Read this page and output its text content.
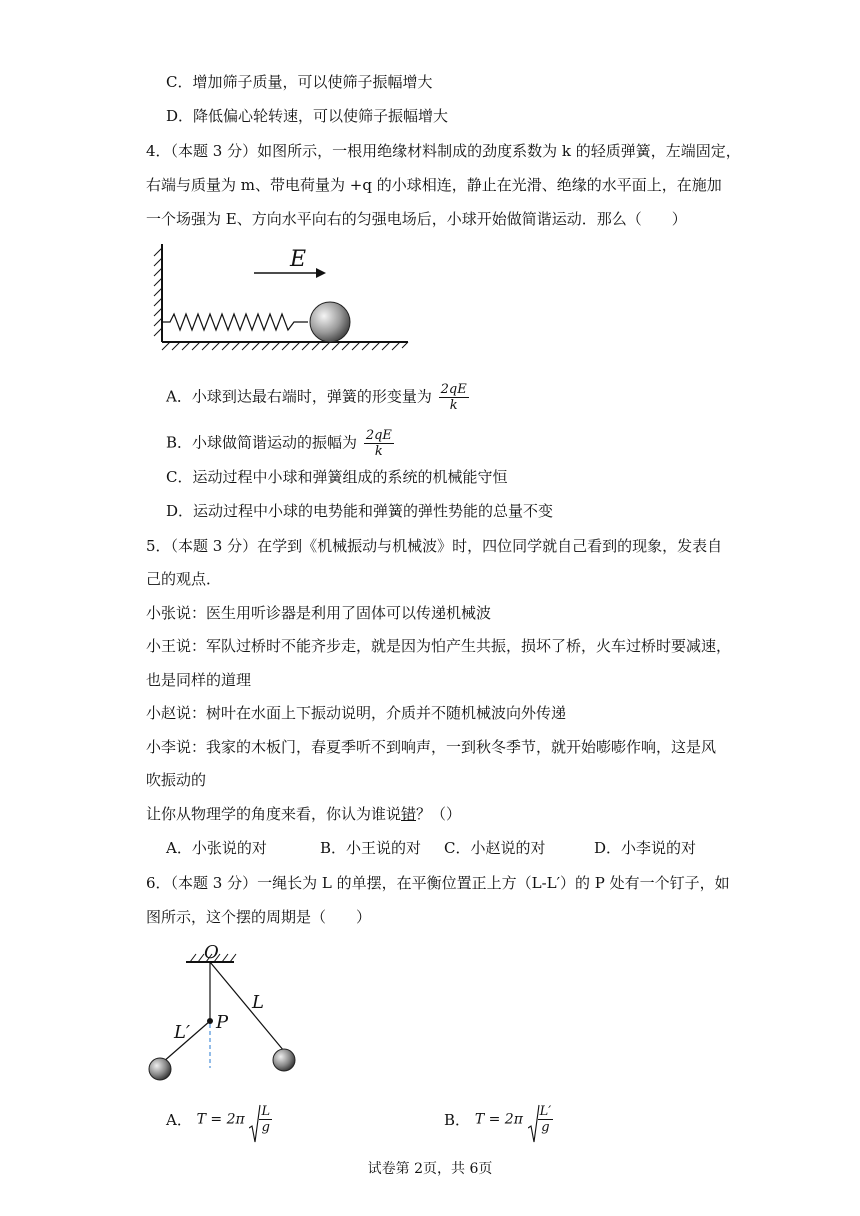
C．增加筛子质量，可以使筛子振幅增大
D．降低偏心轮转速，可以使筛子振幅增大
4．（本题 3 分）如图所示，一根用绝缘材料制成的劲度系数为 k 的轻质弹簧，左端固定，
右端与质量为 m、带电荷量为 +q 的小球相连，静止在光滑、绝缘的水平面上，在施加
一个场强为 E、方向水平向右的匀强电场后，小球开始做简谐运动．那么（　　）
E
A．小球到达最右端时，弹簧的形变量为 $\frac{2qE}{k}$
B．小球做简谐运动的振幅为 $\frac{2qE}{k}$
C．运动过程中小球和弹簧组成的系统的机械能守恒
D．运动过程中小球的电势能和弹簧的弹性势能的总量不变
5．（本题 3 分）在学到《机械振动与机械波》时，四位同学就自己看到的现象，发表自
己的观点．
小张说：医生用听诊器是利用了固体可以传递机械波
小王说：军队过桥时不能齐步走，就是因为怕产生共振，损坏了桥，火车过桥时要减速，
也是同样的道理
小赵说：树叶在水面上下振动说明，介质并不随机械波向外传递
小李说：我家的木板门，春夏季听不到响声，一到秋冬季节，就开始嘭嘭作响，这是风
吹振动的
让你从物理学的角度来看，你认为谁说错？（）
A．小张说的对	B．小王说的对 C．小赵说的对	D．小李说的对
6．（本题 3 分）一绳长为 L 的单摆，在平衡位置正上方（L-L′）的 P 处有一个钉子，如
图所示，这个摆的周期是（　　）
O
L
L′ P
A． $T = 2\pi \frac{L}{g}$	B． $T = 2\pi \frac{L'}{g}$
试卷第 2页，共 6页
